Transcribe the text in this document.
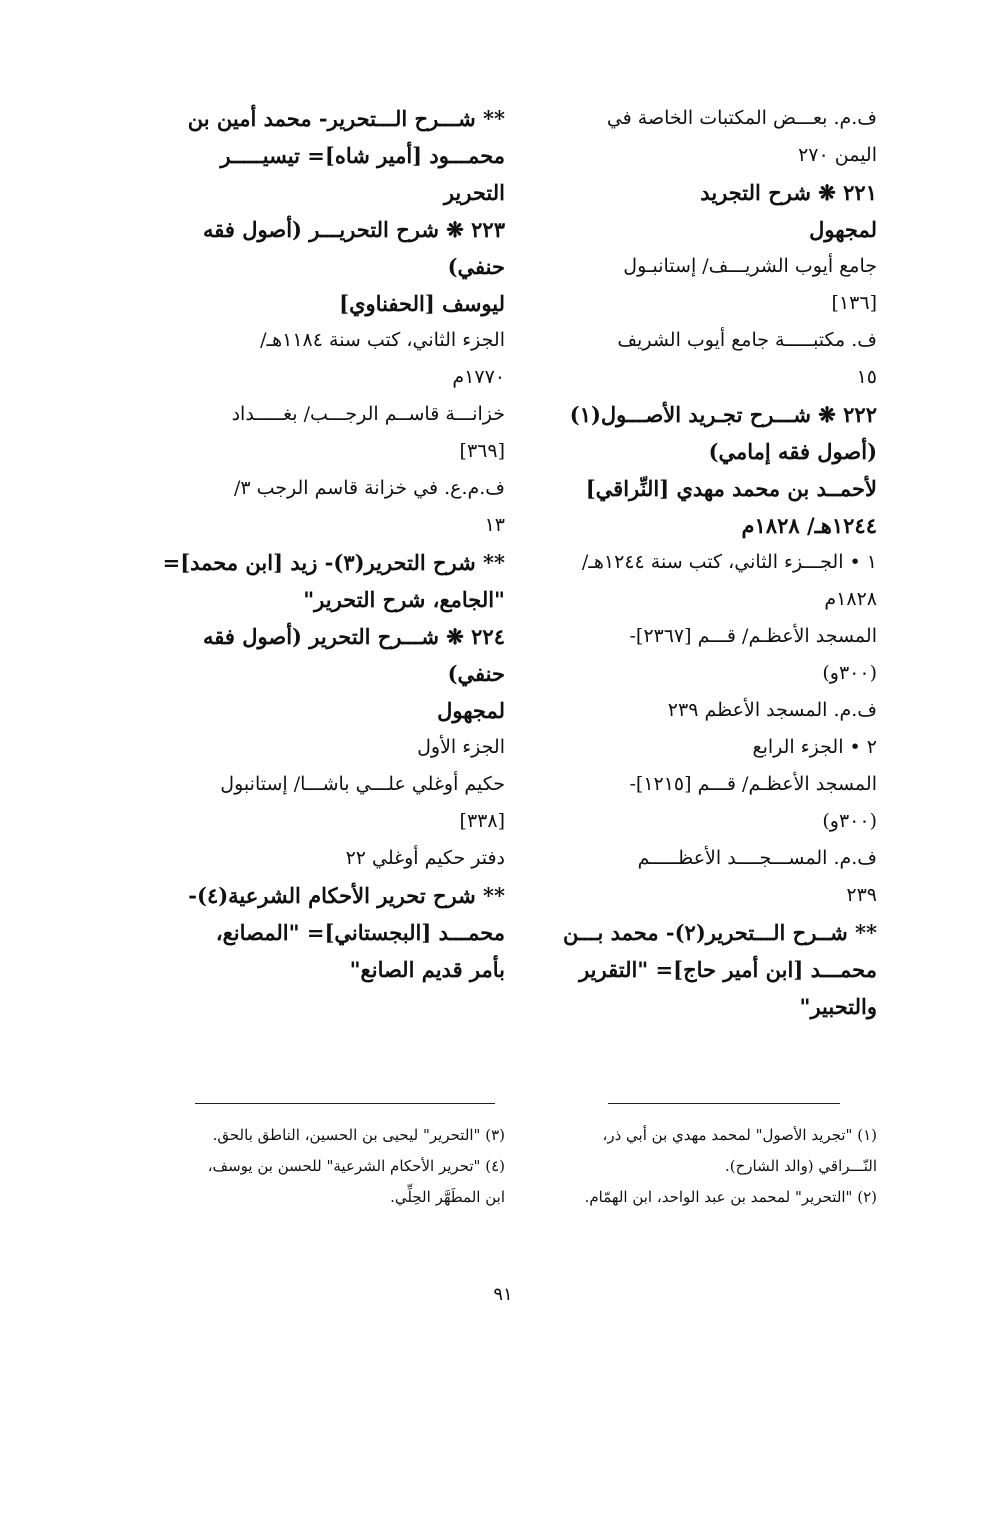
ف.م. بعـــض المكتبات الخاصة في
اليمن ٢٧٠
٢٢١ ❋ شرح التجريد
لمجهول
جامع أيوب الشريـــف/ إستانبـول
[١٣٦]
ف. مكتبـــــة جامع أيوب الشريف
١٥
٢٢٢ ❋ شـــرح تجـريد الأصـــول(١)
(أصول فقه إمامي)
لأحمــد بن محمد مهدي [النِّراقي]
١٢٤٤هـ/ ١٨٢٨م
١ • الجـــزء الثاني، كتب سنة ١٢٤٤هـ/
١٨٢٨م
المسجد الأعظـم/ قـــم [٢٣٦٧]-
(٣٠٠و)
ف.م. المسجد الأعظم ٢٣٩
٢ • الجزء الرابع
المسجد الأعظـم/ قـــم [١٢١٥]-
(٣٠٠و)
ف.م. المســـجــــد الأعظـــــم
٢٣٩
** شــرح الـــتحرير(٢)- محمد بـــن
محمـــد [ابن أمير حاج]= "التقرير
والتحبير"
** شـــرح الـــتحرير- محمد أمين بن
محمـــود [أمير شاه]= تيسيـــــر
التحرير
٢٢٣ ❋ شرح التحريـــر (أصول فقه
حنفي)
ليوسف [الحفناوي]
الجزء الثاني، كتب سنة ١١٨٤هـ/
١٧٧٠م
خزانـــة قاســم الرجـــب/ بغـــــداد
[٣٦٩]
ف.م.ع. في خزانة قاسم الرجب ٣/
١٣
** شرح التحرير(٣)- زيد [ابن محمد]=
"الجامع، شرح التحرير"
٢٢٤ ❋ شـــرح التحرير (أصول فقه
حنفي)
لمجهول
الجزء الأول
حكيم أوغلي علـــي باشـــا/ إستانبول
[٣٣٨]
دفتر حكيم أوغلي ٢٢
** شرح تحرير الأحكام الشرعية(٤)-
محمـــد [البجستاني]= "المصانع،
بأمر قديم الصانع"
(١) "تجريد الأصول" لمحمد مهدي بن أبي ذر،
النّـــراقي (والد الشارح).
(٢) "التحرير" لمحمد بن عبد الواحد، ابن الهمّام.
(٣) "التحرير" ليحيى بن الحسين، الناطق بالحق.
(٤) "تحرير الأحكام الشرعية" للحسن بن يوسف،
ابن المطَهَّر الحِلِّي.
٩١
